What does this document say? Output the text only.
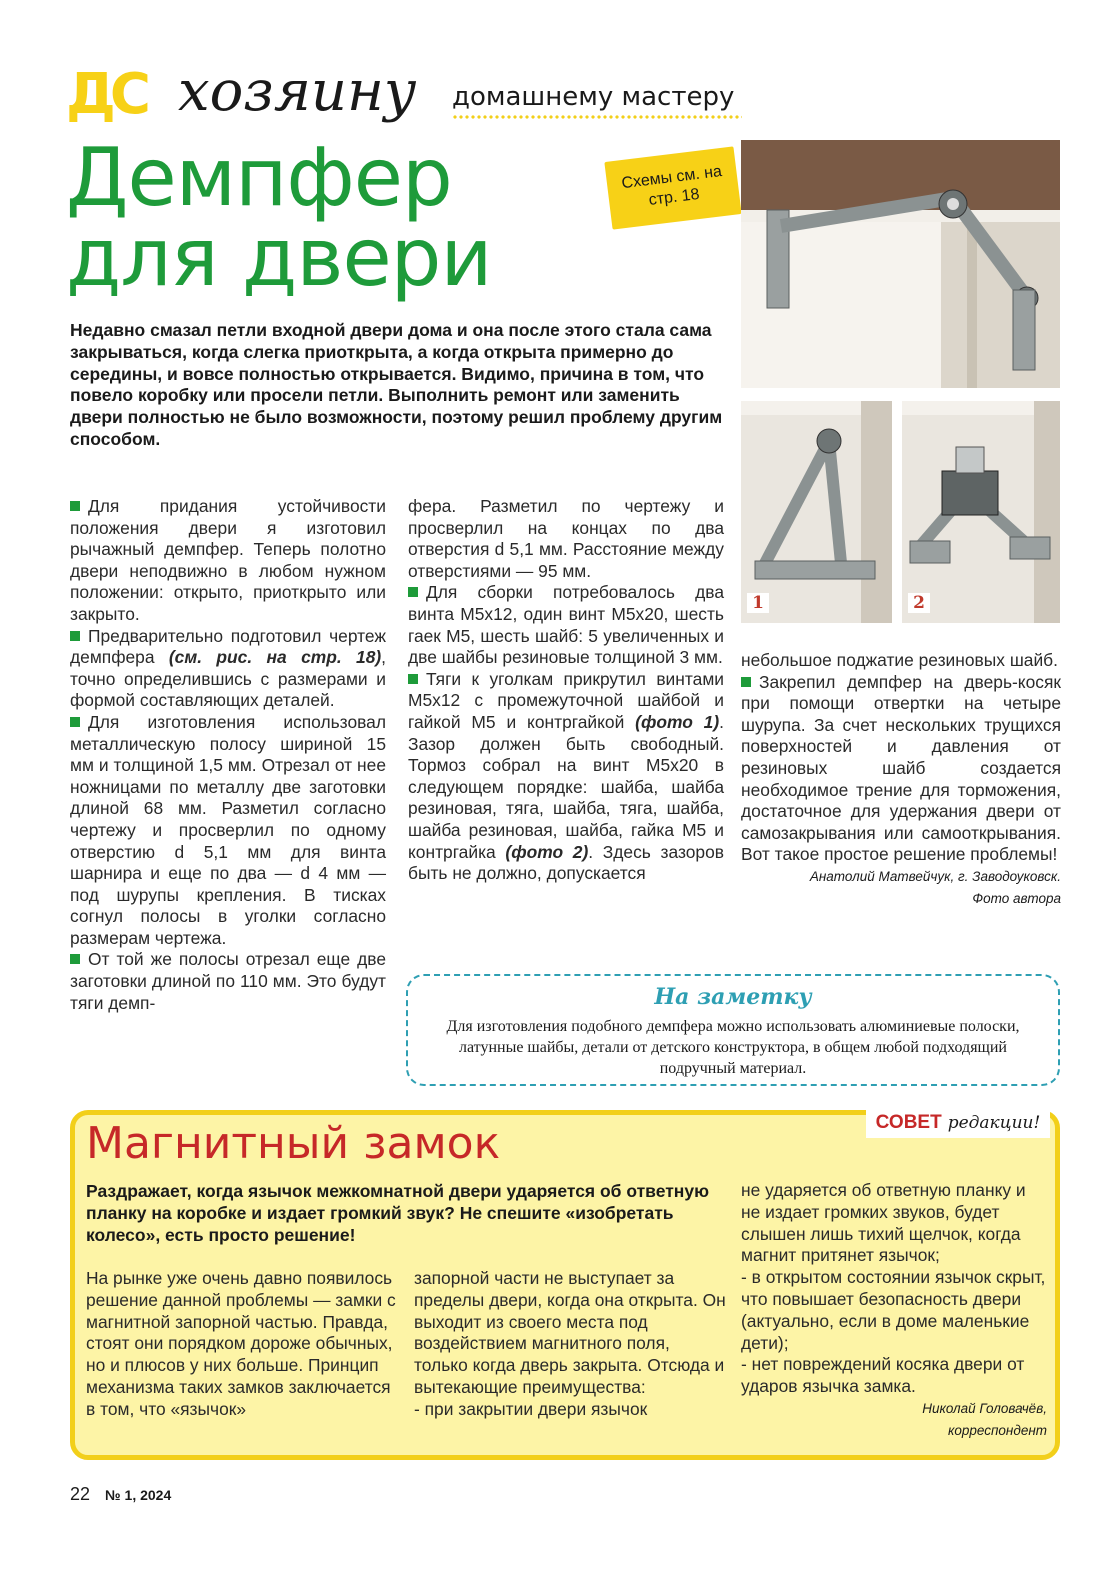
ДС хозяину домашнему мастеру
Демпфер
для двери
Схемы см. на стр. 18
1	2
Недавно смазал петли входной двери дома и она после этого стала сама закрываться, когда слегка приоткрыта, а когда открыта примерно до середины, и вовсе полностью открывается. Видимо, причина в том, что повело коробку или просели петли. Выполнить ремонт или заменить двери полностью не было возможности, поэтому решил проблему другим способом.

Для придания устойчивости положения двери я изготовил рычажный демпфер. Теперь полотно двери неподвижно в любом нужном положении: открыто, приоткрыто или закрыто.

Предварительно подготовил чертеж демпфера (см. рис. на стр. 18), точно определившись с размерами и формой составляющих деталей.

Для изготовления использовал металлическую полосу шириной 15 мм и толщиной 1,5 мм. Отрезал от нее ножницами по металлу две заготовки длиной 68 мм. Разметил согласно чертежу и просверлил по одному отверстию d 5,1 мм для винта шарнира и еще по два — d 4 мм — под шурупы крепления. В тисках согнул полосы в уголки согласно размерам чертежа.

От той же полосы отрезал еще две заготовки длиной по 110 мм. Это будут тяги демп-

фера. Разметил по чертежу и просверлил на концах по два отверстия d 5,1 мм. Расстояние между отверстиями — 95 мм.

Для сборки потребовалось два винта М5х12, один винт М5х20, шесть гаек М5, шесть шайб: 5 увеличенных и две шайбы резиновые толщиной 3 мм.

Тяги к уголкам прикрутил винтами М5х12 с промежуточной шайбой и гайкой М5 и контргайкой (фото 1). Зазор должен быть свободный. Тормоз собрал на винт М5х20 в следующем порядке: шайба, шайба резиновая, тяга, шайба, тяга, шайба, шайба резиновая, шайба, гайка М5 и контргайка (фото 2). Здесь зазоров быть не должно, допускается

небольшое поджатие резиновых шайб.

Закрепил демпфер на дверь-косяк при помощи отвертки на четыре шурупа. За счет нескольких трущихся поверхностей и давления от резиновых шайб создается необходимое трение для торможения, достаточное для удержания двери от самозакрывания или самооткрывания. Вот такое простое решение проблемы!

Анатолий Матвейчук, г. Заводоуковск.

Фото автора

На заметку
Для изготовления подобного демпфера можно использовать алюминиевые полоски, латунные шайбы, детали от детского конструктора, в общем любой подходящий подручный материал.
СОВЕТ редакции!
Магнитный замок
Раздражает, когда язычок межкомнатной двери ударяется об ответную планку на коробке и издает громкий звук? Не спешите «изобретать колесо», есть просто решение!
На рынке уже очень давно появилось решение данной проблемы — замки с магнитной запорной частью. Правда, стоят они порядком дороже обычных, но и плюсов у них больше. Принцип механизма таких замков заключается в том, что «язычок»
запорной части не выступает за пределы двери, когда она открыта. Он выходит из своего места под воздействием магнитного поля, только когда дверь закрыта. Отсюда и вытекающие преимущества:
- при закрытии двери язычок
не ударяется об ответную планку и не издает громких звуков, будет слышен лишь тихий щелчок, когда магнит притянет язычок;
- в открытом состоянии язычок скрыт, что повышает безопасность двери (актуально, если в доме маленькие дети);
- нет повреждений косяка двери от ударов язычка замка.
Николай Головачёв,
корреспондент
22 № 1, 2024
